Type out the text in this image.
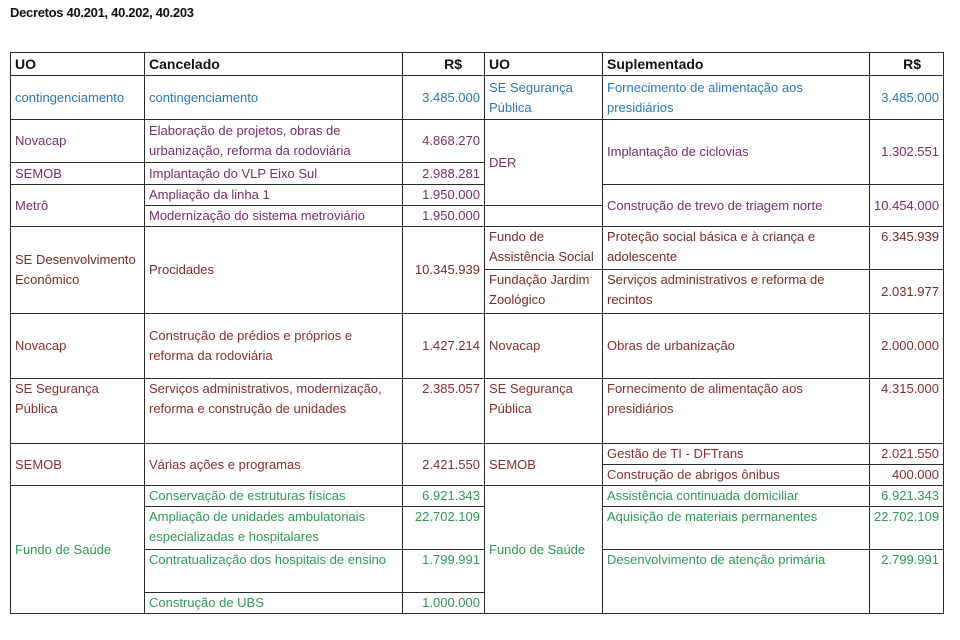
Decretos 40.201, 40.202, 40.203
UO	Cancelado	R$	UO	Suplementado	R$
contingenciamento	contingenciamento	3.485.000	SE Segurança Pública	Fornecimento de alimentação aos presidiários	3.485.000
Novacap	Elaboração de projetos, obras de urbanização, reforma da rodoviária	4.868.270	DER	Implantação de ciclovias	1.302.551
SEMOB	Implantação do VLP Eixo Sul	2.988.281			
Metrô	Ampliação da linha 1	1.950.000		Construção de trevo de triagem norte	10.454.000
	Modernização do sistema metroviário	1.950.000			
SE Desenvolvimento Econômico	Procidades	10.345.939	Fundo de Assistência Social	Proteção social básica e à criança e adolescente	6.345.939
			Fundação Jardim Zoológico	Serviços administrativos e reforma de recintos	2.031.977
Novacap	Construção de prédios e próprios e reforma da rodoviária	1.427.214	Novacap	Obras de urbanização	2.000.000
SE Segurança Pública	Serviços administrativos, modernização, reforma e construção de unidades	2.385.057	SE Segurança Pública	Fornecimento de alimentação aos presidiários	4.315.000
SEMOB	Várias ações e programas	2.421.550	SEMOB	Gestão de TI - DFTrans	2.021.550
				Construção de abrigos ônibus	400.000
Fundo de Saúde	Conservação de estruturas físicas	6.921.343	Fundo de Saúde	Assistência continuada domiciliar	6.921.343
	Ampliação de unidades ambulatoriais especializadas e hospitalares	22.702.109		Aquisição de materiais permanentes	22.702.109
	Contratualização dos hospitais de ensino	1.799.991		Desenvolvimento de atenção primária	2.799.991
	Construção de UBS	1.000.000			
